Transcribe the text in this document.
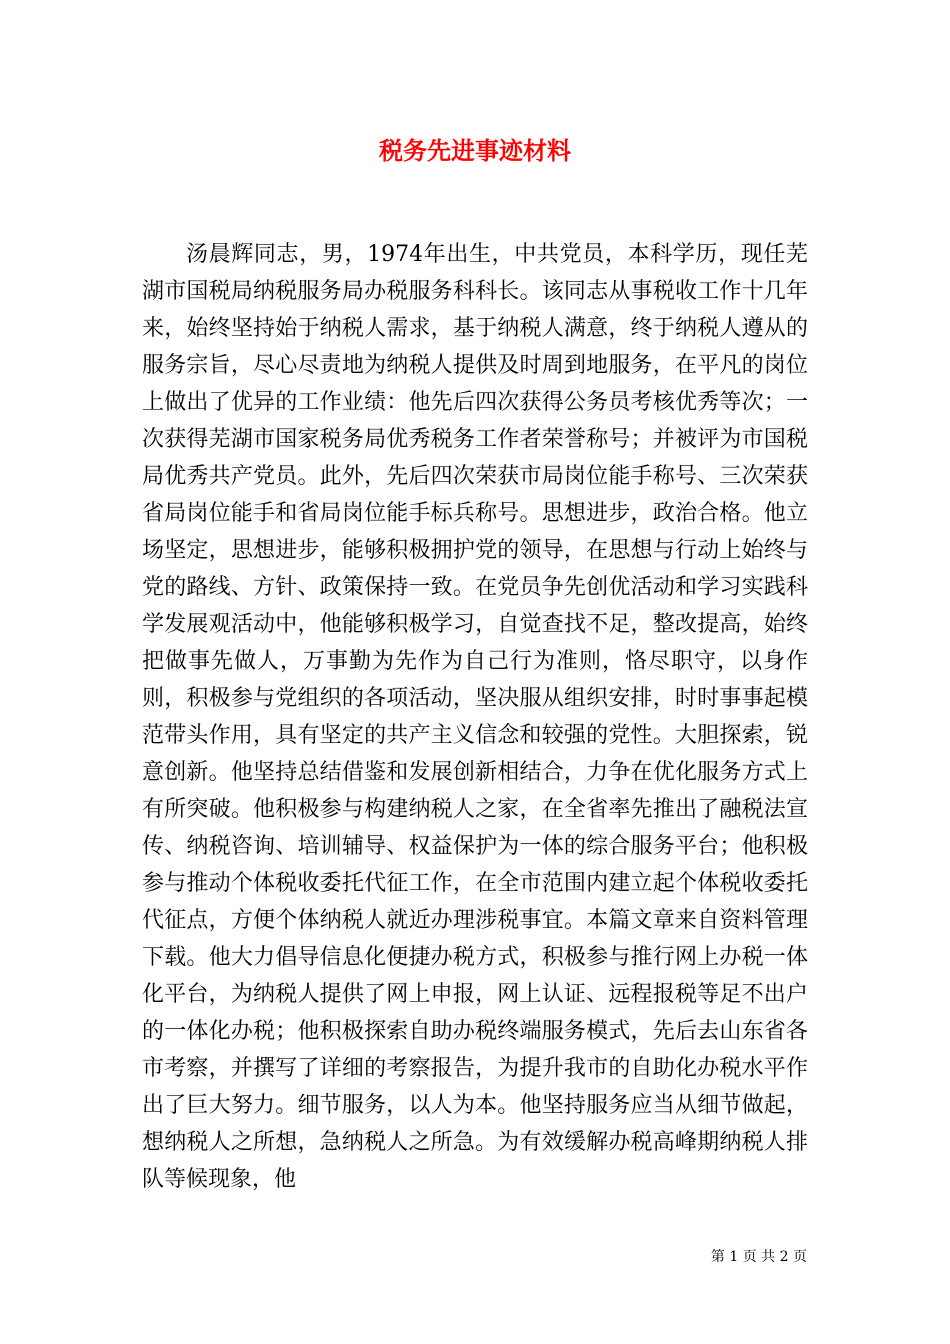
税务先进事迹材料

汤晨辉同志，男，1974年出生，中共党员，本科学历，现任芜湖市国税局纳税服务局办税服务科科长。该同志从事税收工作十几年来，始终坚持始于纳税人需求，基于纳税人满意，终于纳税人遵从的服务宗旨，尽心尽责地为纳税人提供及时周到地服务，在平凡的岗位上做出了优异的工作业绩：他先后四次获得公务员考核优秀等次；一次获得芜湖市国家税务局优秀税务工作者荣誉称号；并被评为市国税局优秀共产党员。此外，先后四次荣获市局岗位能手称号、三次荣获省局岗位能手和省局岗位能手标兵称号。思想进步，政治合格。他立场坚定，思想进步，能够积极拥护党的领导，在思想与行动上始终与党的路线、方针、政策保持一致。在党员争先创优活动和学习实践科学发展观活动中，他能够积极学习，自觉查找不足，整改提高，始终把做事先做人，万事勤为先作为自己行为准则，恪尽职守，以身作则，积极参与党组织的各项活动，坚决服从组织安排，时时事事起模范带头作用，具有坚定的共产主义信念和较强的党性。大胆探索，锐意创新。他坚持总结借鉴和发展创新相结合，力争在优化服务方式上有所突破。他积极参与构建纳税人之家，在全省率先推出了融税法宣传、纳税咨询、培训辅导、权益保护为一体的综合服务平台；他积极参与推动个体税收委托代征工作，在全市范围内建立起个体税收委托代征点，方便个体纳税人就近办理涉税事宜。本篇文章来自资料管理下载。他大力倡导信息化便捷办税方式，积极参与推行网上办税一体化平台，为纳税人提供了网上申报，网上认证、远程报税等足不出户的一体化办税；他积极探索自助办税终端服务模式，先后去山东省各市考察，并撰写了详细的考察报告，为提升我市的自助化办税水平作出了巨大努力。细节服务，以人为本。他坚持服务应当从细节做起，想纳税人之所想，急纳税人之所急。为有效缓解办税高峰期纳税人排队等候现象，他

第 1 页 共 2 页
